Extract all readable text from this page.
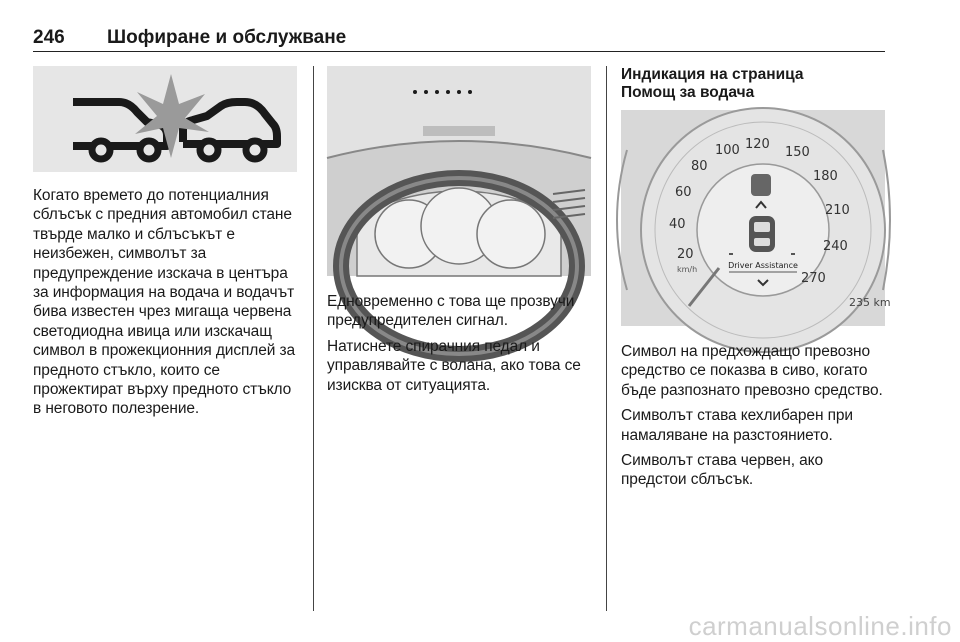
246 Шофиране и обслужване

Когато времето до потенциалния сблъсък с предния автомобил стане твърде малко и сблъсъкът е неизбежен, символът за предупреждение изскача в центъра за информация на водача и водачът бива известен чрез мигаща червена светодиодна ивица или изскачащ символ в прожекционния дисплей за предното стъкло, които се прожектират върху предното стъкло в неговото полезрение.

Едновременно с това ще прозвучи предупредителен сигнал.

Натиснете спирачния педал и управлявайте с волана, ако това се изисква от ситуацията.

Индикация на страница
Помощ за водача
20
40
60
80
100 120
150
180
210
240
270
km/h	Driver Assistance
235 km

Символ на предхождащо превозно средство се показва в сиво, когато бъде разпознато превозно средство.

Символът става кехлибарен при намаляване на разстоянието.

Символът става червен, ако предстои сблъсък.

carmanualsonline.info
